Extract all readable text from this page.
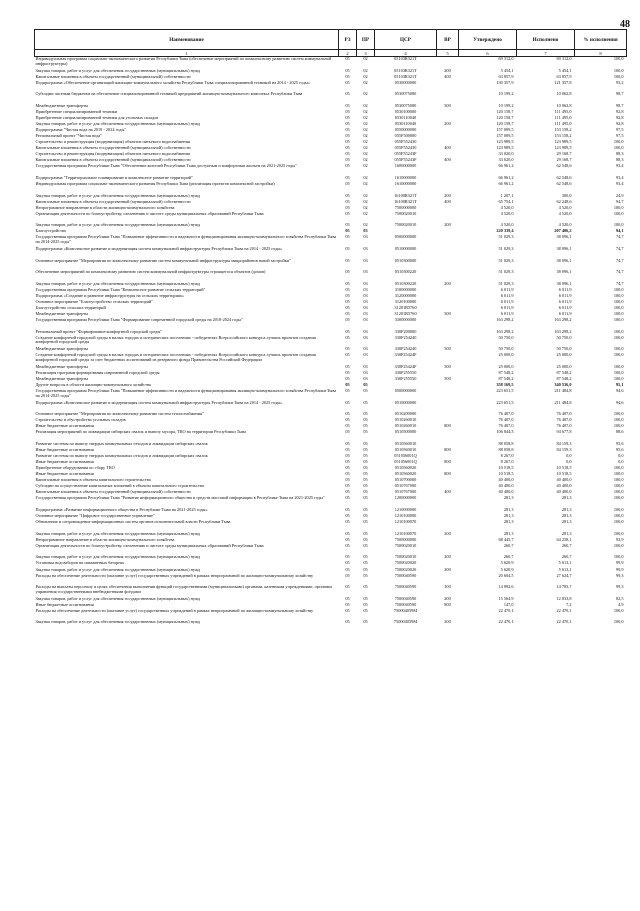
48
Наименование	РЗ	ПР	ЦСР	ВР	Утверждено	Исполнено	% исполнения
1	2	3	4	5	6	7	8
Индивидуальная программа социально-экономического развития Республики Тыва (обеспечение мероприятий по комплексному развитию систем коммунальной инфраструктуры)	05	02	05103R321T		69 312,0	69 312,0	100,0
Закупка товаров, работ и услуг для обеспечения государственных (муниципальных) нужд	05	02	05103R321T	200	5 454,1	5 454,1	100,0
Капитальные вложения в объекты государственной (муниципальной) собственности	05	02	05103R321T	400	63 857,9	63 857,9	100,0
Подпрограмма «Обеспечение организаций жилищно-коммунального хозяйства Республики Тыва специализированной техникой на 2014 - 2025 годы»	05	02	0530000000		130 357,9	121 357,8	93,2
Субсидии частным бюджетам на обеспечение специализированной техникой предприятий жилищно-коммунального комплекса Республики Тыва	05	02	0530075080		10 199,2	10 062,8	98,7
Межбюджетные трансферты	05	02	0530075080	500	10 199,2	10 062,8	98,7
Приобретение специализированной техники	05	02	0530100000		120 158,7	111 495,0	92,8
Приобретение специализированной техники для угольных складов	05	02	0530110040		120 158,7	111 495,0	92,8
Закупка товаров, работ и услуг для обеспечения государственных (муниципальных) нужд	05	02	0530110040	200	120 158,7	111 495,0	92,8
Подпрограмма "Чистая вода на 2019 - 2024 годы"	05	02	0550000000		157 009,5	153 158,2	97,5
Региональный проект "Чистая вода"	05	02	055F500000		157 009,5	153 158,2	97,5
Строительство и реконструкция (модернизация) объектов питьевого водоснабжения	05	02	055F552430		123 989,5	123 989,5	100,0
Капитальные вложения в объекты государственной (муниципальной) собственности	05	02	055F552430	400	123 989,5	123 989,5	100,0
Строительство и реконструкция (модернизация) объектов питьевого водоснабжения	05	02	055F55243F		33 020,0	29 168,7	88,3
Капитальные вложения в объекты государственной (муниципальной) собственности	05	02	055F55243F	400	33 020,0	29 168,7	88,3
Государственная программа Республики Тыва "Обеспечение жителей Республики Тыва доступным и комфортным жильем на 2021-2025 годы"	05	02	1600000000		66 961,2	62 548,6	93,4
Подпрограмма "Территориальное планирование и комплексное развитие территорий"	05	02	1610000000		66 961,2	62 548,6	93,4
Индивидуальная программа социально-экономического развития Республики Тыва (реализация проектов комплексной застройки)	05	02	1610000000		66 961,2	62 548,6	93,4
Закупка товаров, работ и услуг для обеспечения государственных (муниципальных) нужд	05	02	16100R321T	200	1 207,1	300,0	24,9
Капитальные вложения в объекты государственной (муниципальной) собственности	05	02	16100R321T	400	65 754,1	62 248,6	94,7
Непрограммное направление в области жилищно-коммунального хозяйства	05	02	7500000000		4 520,0	4 520,0	100,0
Организация деятельности по благоустройству, озеленению и чистоте среды муниципальных образований Республики Тыва	05	02	7500020010		4 520,0	4 520,0	100,0
Закупка товаров, работ и услуг для обеспечения государственных (муниципальных) нужд	05	02	7500020010	200	4 520,0	4 520,0	100,0
Благоустройство	05	03			220 339,4	207 406,2	94,1
Государственная программа Республики Тыва "Повышение эффективности и надежности функционирования жилищно-коммунального хозяйства Республики Тыва на 2014-2025 годы"	05	03	0500000000		51 029,3	38 096,1	74,7
Подпрограмма «Комплексное развитие и модернизация систем коммунальной инфраструктуры Республики Тыва на 2014 - 2025 годы»	05	03	0510000000		51 029,3	38 096,1	74,7
Основное мероприятие "Мероприятия по комплексному развитию систем коммунальной инфраструктуры микрорайонов новой застройки"	05	03	0510300000		51 029,3	38 096,1	74,7
Обеспечение мероприятий по комплексному развитию систем коммунальной инфраструктуры строящегося объектов (домов)	05	03	0510300220		51 029,3	38 096,1	74,7
Закупка товаров, работ и услуг для обеспечения государственных (муниципальных) нужд	05	03	0510300220	200	51 029,3	38 096,1	74,7
Государственная программа Республики Тыва "Комплексное развитие сельских территорий"	05	03	3100000000		6 011,9	6 011,9	100,0
Подпрограмма «Создание и развитие инфраструктуры на сельских территориях»	05	03	3120000000		6 011,9	6 011,9	100,0
Основное мероприятие "Благоустройство сельских территорий"	05	03	3120100000		6 011,9	6 011,9	100,0
Благоустройство сельских территорий	05	03	31201R5760		6 011,9	6 011,9	100,0
Межбюджетные трансферты	05	03	31201R5760	500	6 011,9	6 011,9	100,0
Государственная программа Республики Тыва "Формирование современной городской среды на 2018-2024 годы"	05	03	3300000000		163 298,2	163 298,2	100,0
Региональный проект "Формирование комфортной городской среды"	05	03	330F200000		163 298,2	163 298,2	100,0
Создание комфортной городской среды в малых городах и исторических поселениях - победителях Всероссийского конкурса лучших проектов создания комфортной городской среды	05	03	330F254240		50 750,0	50 750,0	100,0
Межбюджетные трансферты	05	03	330F254240	500	50 750,0	50 750,0	100,0
Создание комфортной городской среды в малых городах и исторических поселениях - победителях Всероссийского конкурса лучших проектов создания комфортной городской среды за счет бюджетных ассигнований из резервного фонда Правительства Российской Федерации	05	03	330F25424F		25 000,0	25 000,0	100,0
Межбюджетные трансферты	05	03	330F25424F	500	25 000,0	25 000,0	100,0
Реализация программ формирования современной городской среды	05	03	330F255550		87 548,2	87 548,2	100,0
Межбюджетные трансферты	05	03	330F255550	500	87 548,2	87 548,2	100,0
Другие вопросы в области жилищно-коммунального хозяйства	05	05			358 169,5	340 536,0	95,1
Государственная программа Республики Тыва "Повышение эффективности и надежности функционирования жилищно-коммунального хозяйства Республики Тыва на 2014-2025 годы"	05	05	0500000000		223 651,5	211 484,8	94,6
Подпрограмма «Комплексное развитие и модернизация систем коммунальной инфраструктуры Республики Тыва на 2014 - 2025 годы»	05	05	0510000000		223 651,5	211 484,8	94,6
Основное мероприятие "Мероприятия по комплексному развитию систем теплоснабжения"	05	05	0510200000		76 407,0	76 407,0	100,0
Строительство и обустройство угольных складов	05	05	0510260010		76 407,0	76 407,0	100,0
Иные бюджетные ассигнования	05	05	0510260010	800	76 407,0	76 407,0	100,0
Реализация мероприятий по ликвидации сибирских свалок и вывозу мусора, ТКО на территории Республики Тыва	05	05	0510500000		106 844,3	94 677,8	88,6
Развитие системы по вывозу твердых коммунальных отходов и ликвидации сибирских свалок	05	05	0510560010		88 058,8	84 159,3	95,6
Иные бюджетные ассигнования	05	05	0510560010	800	88 058,8	84 159,3	95,6
Развитие системы по вывозу твердых коммунальных отходов и ликвидации сибирских свалок	05	05	051056001Q		8 267,0	0,0	0,0
Иные бюджетные ассигнования	05	05	051056001Q	800	8 267,0	0,0	0,0
Приобретение оборудования по сбору ТКО	05	05	0510560020		10 518,5	10 518,5	100,0
Иные бюджетные ассигнования	05	05	0510560020	800	10 518,5	10 518,5	100,0
Капитальные вложения в объекты капитального строительства	05	05	0510700000		40 400,0	40 400,0	100,0
Субсидии на осуществление капитальных вложений в объекты капитального строительства	05	05	0510767000		40 400,0	40 400,0	100,0
Капитальные вложения в объекты государственной (муниципальной) собственности	05	05	0510767000	400	40 400,0	40 400,0	100,0
Государственная программа Республики Тыва "Развитие информационного общества и средств массовой информации в Республике Тыва на 2021-2025 годы"	05	05	1200000000		281,3	281,3	100,0
Подпрограмма «Развитие информационного общества в Республике Тыва на 2021-2025 годы»	05	05	1210000000		281,3	281,3	100,0
Основное мероприятие "Цифровое государственное управление"	05	05	1210100000		281,3	281,3	100,0
Обновление и сопровождение информационных систем органов исполнительной власти Республики Тыва	05	05	1210100070		281,3	281,3	100,0
Закупка товаров, работ и услуг для обеспечения государственных (муниципальных) нужд	05	05	1210100070	200	281,3	281,3	100,0
Непрограммное направление в области жилищно-коммунального хозяйства	05	05	7500000000		68 445,7	64 258,1	93,9
Организация деятельности по благоустройству, озеленению и чистоте среды муниципальных образований Республики Тыва	05	05	7500020010		260,7	260,7	100,0
Закупка товаров, работ и услуг для обеспечения государственных (муниципальных) нужд	05	05	7500020010	200	260,7	260,7	100,0
Установка водозаборов на скважинных батареях	05	05	7500020020		5 620,9	5 613,1	99,9
Закупка товаров, работ и услуг для обеспечения государственных (муниципальных) нужд	05	05	7500020020	200	5 620,9	5 613,1	99,9
Расходы на обеспечение деятельности (оказание услуг) государственных учреждений в рамках непрограммной по жилищно-коммунальному хозяйству	05	05	7500040590		20 604,5	27 624,7	99,3
Расходы на выплаты персоналу в целях обеспечения выполнения функций государственными (муниципальными) органами, казенными учреждениями, органами управления государственными внебюджетными фондами	05	05	7500040590	100	14 892,6	14 783,7	99,3
Закупка товаров, работ и услуг для обеспечения государственных (муниципальных) нужд	05	05	7500040590	200	15 564,9	12 833,8	82,5
Иные бюджетные ассигнования	05	05	7500040590	800	147,0	7,2	4,9
Расходы на обеспечение деятельности (оказание услуг) государственных учреждений в рамках непрограммной по жилищно-коммунальному хозяйству	05	05	750004059M		22 470,1	22 470,1	100,0
Закупка товаров, работ и услуг для обеспечения государственных (муниципальных) нужд	05	05	750004059M	200	22 470,1	22 470,1	100,0
